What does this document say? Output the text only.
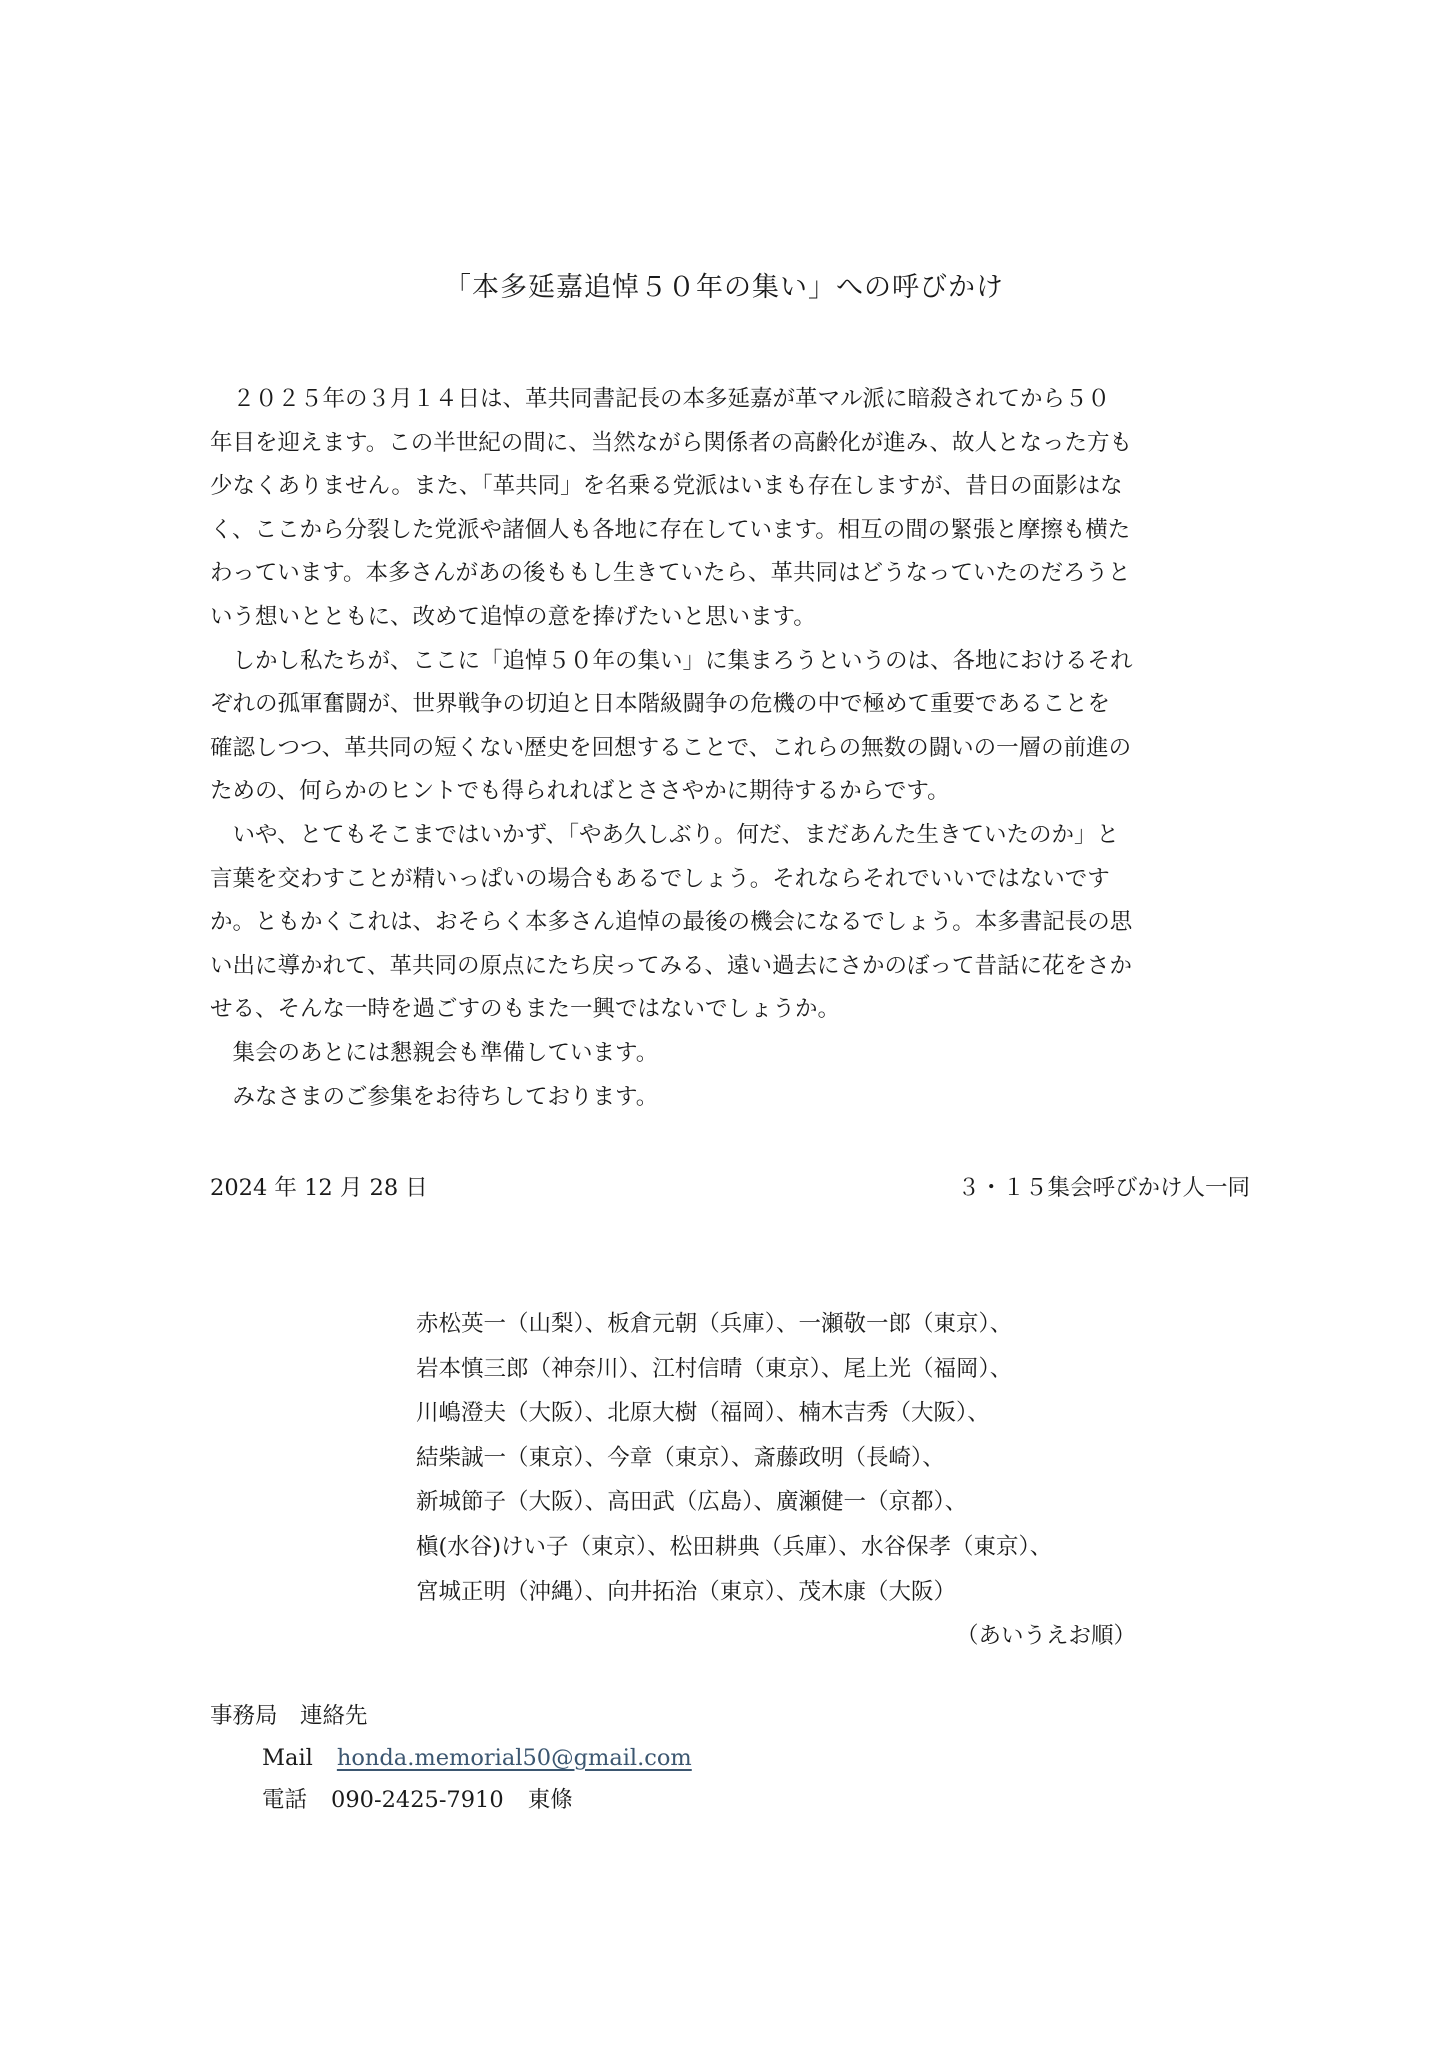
「本多延嘉追悼５０年の集い」への呼びかけ
　２０２５年の３月１４日は、革共同書記長の本多延嘉が革マル派に暗殺されてから５０
年目を迎えます。この半世紀の間に、当然ながら関係者の高齢化が進み、故人となった方も
少なくありません。また、「革共同」を名乗る党派はいまも存在しますが、昔日の面影はな
く、ここから分裂した党派や諸個人も各地に存在しています。相互の間の緊張と摩擦も横た
わっています。本多さんがあの後ももし生きていたら、革共同はどうなっていたのだろうと
いう想いとともに、改めて追悼の意を捧げたいと思います。
　しかし私たちが、ここに「追悼５０年の集い」に集まろうというのは、各地におけるそれ
ぞれの孤軍奮闘が、世界戦争の切迫と日本階級闘争の危機の中で極めて重要であることを
確認しつつ、革共同の短くない歴史を回想することで、これらの無数の闘いの一層の前進の
ための、何らかのヒントでも得られればとささやかに期待するからです。
　いや、とてもそこまではいかず、「やあ久しぶり。何だ、まだあんた生きていたのか」と
言葉を交わすことが精いっぱいの場合もあるでしょう。それならそれでいいではないです
か。ともかくこれは、おそらく本多さん追悼の最後の機会になるでしょう。本多書記長の思
い出に導かれて、革共同の原点にたち戻ってみる、遠い過去にさかのぼって昔話に花をさか
せる、そんな一時を過ごすのもまた一興ではないでしょうか。
　集会のあとには懇親会も準備しています。
　みなさまのご参集をお待ちしております。
2024 年 12 月 28 日	３・１５集会呼びかけ人一同
赤松英一（山梨）、板倉元朝（兵庫）、一瀬敬一郎（東京）、
岩本慎三郎（神奈川）、江村信晴（東京）、尾上光（福岡）、
川嶋澄夫（大阪）、北原大樹（福岡）、楠木吉秀（大阪）、
結柴誠一（東京）、今章（東京）、斎藤政明（長崎）、
新城節子（大阪）、高田武（広島）、廣瀬健一（京都）、
槇(水谷)けい子（東京）、松田耕典（兵庫）、水谷保孝（東京）、
宮城正明（沖縄）、向井拓治（東京）、茂木康（大阪）
（あいうえお順）
事務局　連絡先
Mail honda.memorial50@gmail.com
電話 090-2425-7910 東條
